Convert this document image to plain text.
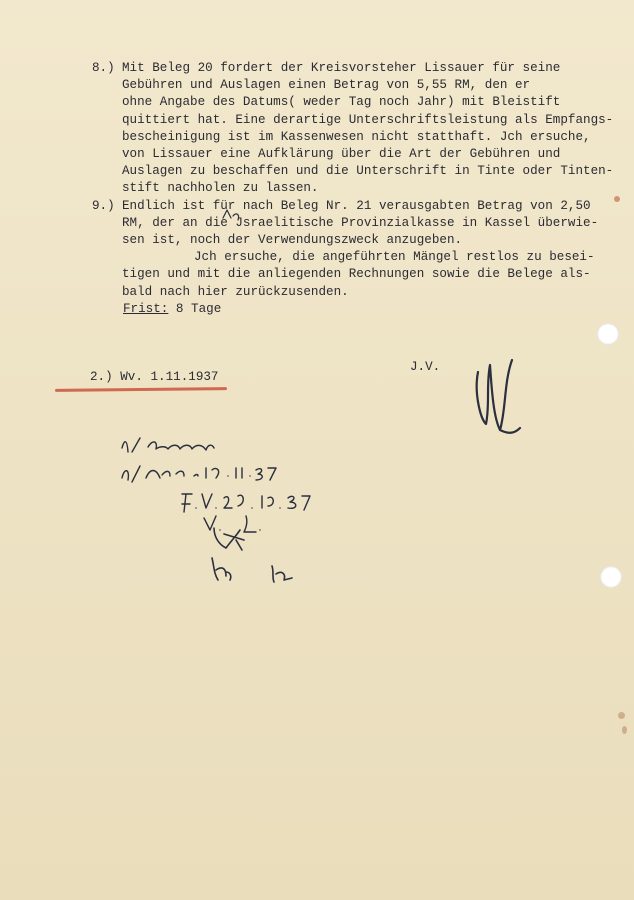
8.) Mit Beleg 20 fordert der Kreisvorsteher Lissauer für seine
Gebühren und Auslagen einen Betrag von 5,55 RM, den er
ohne Angabe des Datums( weder Tag noch Jahr) mit Bleistift
quittiert hat. Eine derartige Unterschriftsleistung als Empfangs-
bescheinigung ist im Kassenwesen nicht statthaft. Jch ersuche,
von Lissauer eine Aufklärung über die Art der Gebühren und
Auslagen zu beschaffen und die Unterschrift in Tinte oder Tinten-
stift nachholen zu lassen.
9.) Endlich ist für nach Beleg Nr. 21 verausgabten Betrag von 2,50
RM, der an die Jsraelitische Provinzialkasse in Kassel überwie-
sen ist, noch der Verwendungszweck anzugeben.
Jch ersuche, die angeführten Mängel restlos zu besei-
tigen und mit die anliegenden Rechnungen sowie die Belege als-
bald nach hier zurückzusenden.
Frist: 8 Tage
J.V.
2.) Wv. 1.11.1937
